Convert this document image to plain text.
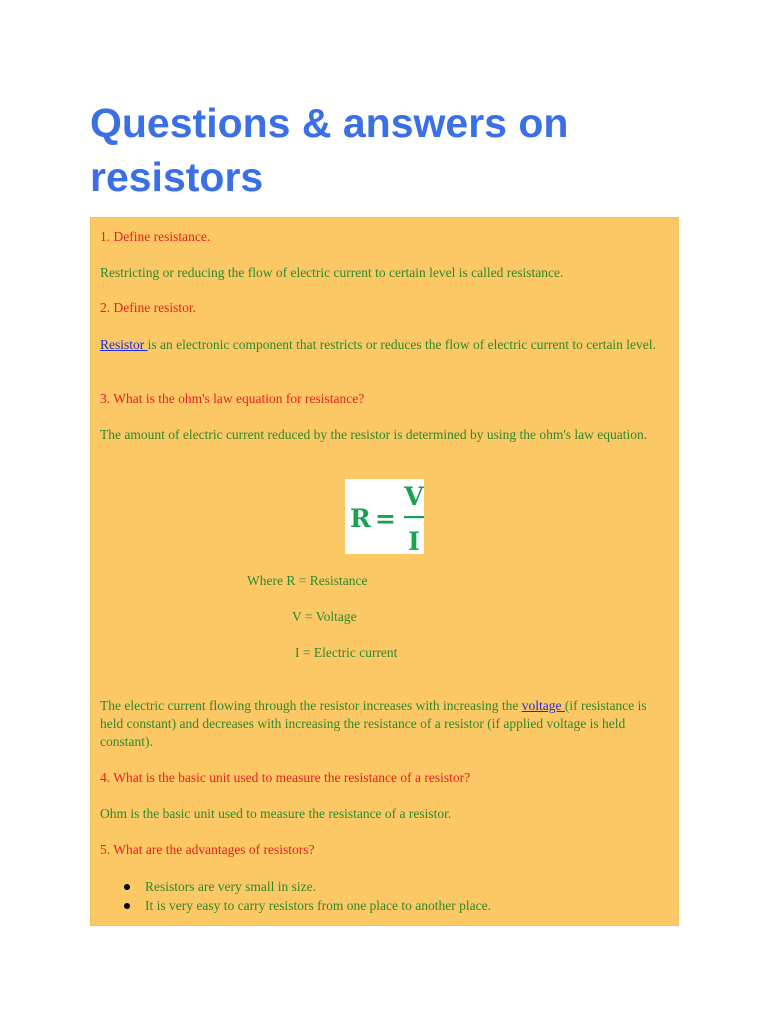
Questions & answers on resistors

1. Define resistance.

Restricting or reducing the flow of electric current to certain level is called resistance.

2. Define resistor.

Resistor is an electronic component that restricts or reduces the flow of electric current to certain level.

3. What is the ohm's law equation for resistance?

The amount of electric current reduced by the resistor is determined by using the ohm's law equation.

R =
V
I

Where R = Resistance

V = Voltage

I = Electric current

The electric current flowing through the resistor increases with increasing the voltage (if resistance is held constant) and decreases with increasing the resistance of a resistor (if applied voltage is held constant).

4. What is the basic unit used to measure the resistance of a resistor?

Ohm is the basic unit used to measure the resistance of a resistor.

5. What are the advantages of resistors?

Resistors are very small in size.
It is very easy to carry resistors from one place to another place.
